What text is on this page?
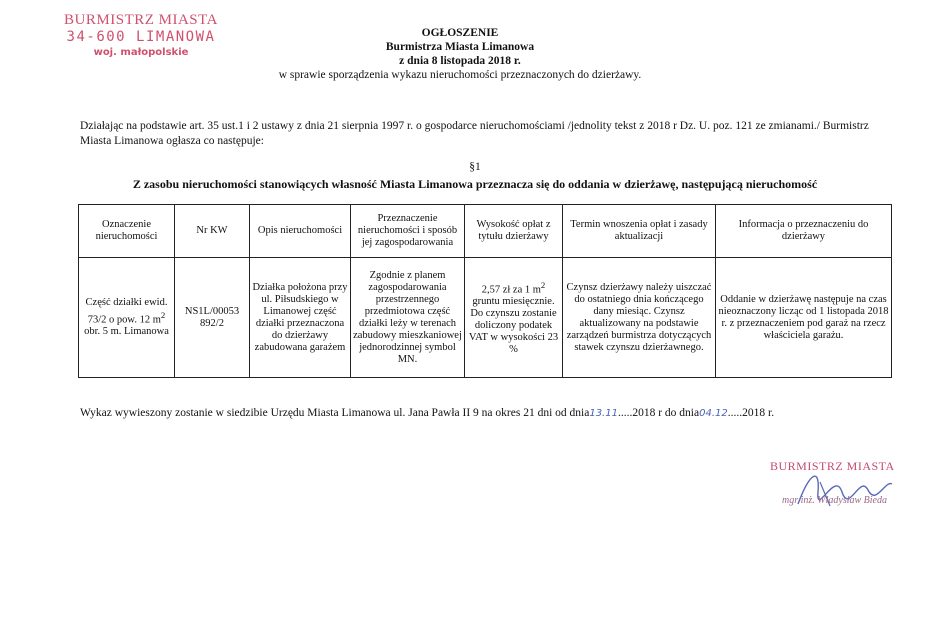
BURMISTRZ MIASTA
34-600 LIMANOWA
woj. małopolskie
OGŁOSZENIE
Burmistrza Miasta Limanowa
z dnia 8 listopada 2018 r.
w sprawie sporządzenia wykazu nieruchomości przeznaczonych do dzierżawy.
Działając na podstawie art. 35 ust.1 i 2 ustawy z dnia 21 sierpnia 1997 r. o gospodarce nieruchomościami /jednolity tekst z 2018 r Dz. U. poz. 121 ze zmianami./ Burmistrz Miasta Limanowa ogłasza co następuje:
§1
Z zasobu nieruchomości stanowiących własność Miasta Limanowa przeznacza się do oddania w dzierżawę, następującą nieruchomość
Oznaczenie nieruchomości	Nr KW	Opis nieruchomości	Przeznaczenie nieruchomości i sposób jej zagospodarowania	Wysokość opłat z tytułu dzierżawy	Termin wnoszenia opłat i zasady aktualizacji	Informacja o przeznaczeniu do dzierżawy
Część działki ewid. 73/2 o pow. 12 $m^2$ obr. 5 m. Limanowa	NS1L/00053 892/2	Działka położona przy ul. Piłsudskiego w Limanowej część działki przeznaczona do dzierżawy zabudowana garażem	Zgodnie z planem zagospodarowania przestrzennego przedmiotowa część działki leży w terenach zabudowy mieszkaniowej jednorodzinnej symbol MN.	2,57 zł za 1 $m^2$ gruntu miesięcznie. Do czynszu zostanie doliczony podatek VAT w wysokości 23 %	Czynsz dzierżawy należy uiszczać do ostatniego dnia kończącego dany miesiąc. Czynsz aktualizowany na podstawie zarządzeń burmistrza dotyczących stawek czynszu dzierżawnego.	Oddanie w dzierżawę następuje na czas nieoznaczony licząc od 1 listopada 2018 r. z przeznaczeniem pod garaż na rzecz właściciela garażu.
Wykaz wywieszony zostanie w siedzibie Urzędu Miasta Limanowa ul. Jana Pawła II 9 na okres 21 dni od dnia13.11.....2018 r do dnia04.12.....2018 r.
BURMISTRZ MIASTA
mgr inż. Władysław Bieda
